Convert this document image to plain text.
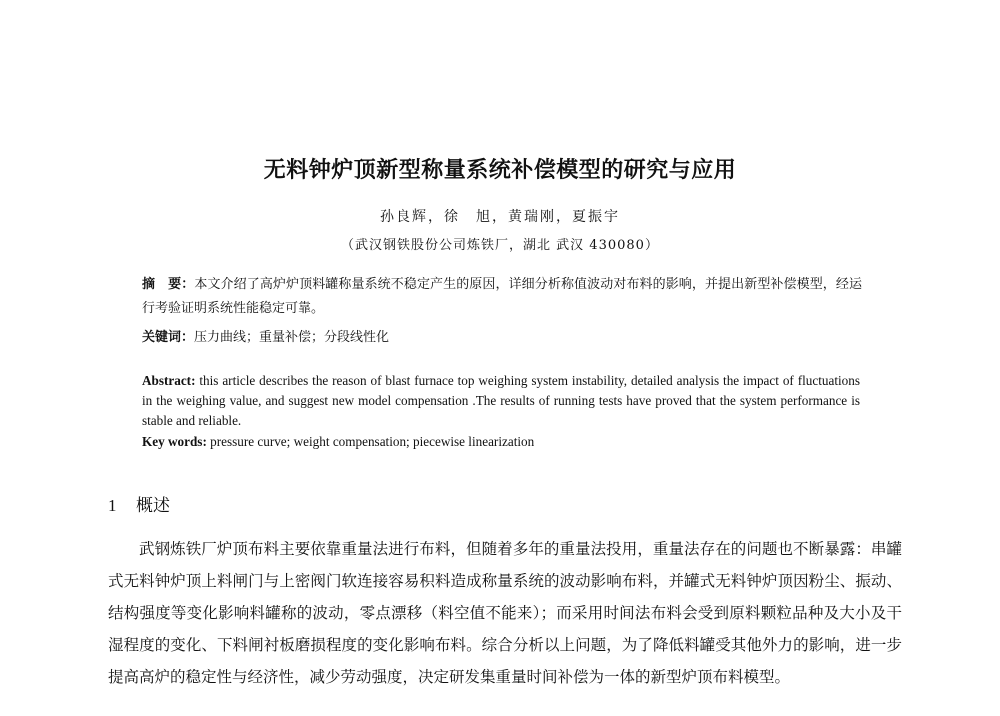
无料钟炉顶新型称量系统补偿模型的研究与应用
孙良辉，徐　旭，黄瑞刚，夏振宇
（武汉钢铁股份公司炼铁厂，湖北 武汉 430080）
摘　要：本文介绍了高炉炉顶料罐称量系统不稳定产生的原因，详细分析称值波动对布料的影响，并提出新型补偿模型，经运行考验证明系统性能稳定可靠。
关键词：压力曲线；重量补偿；分段线性化
Abstract: this article describes the reason of blast furnace top weighing system instability, detailed analysis the impact of fluctuations in the weighing value, and suggest new model compensation .The results of running tests have proved that the system performance is stable and reliable.
Key words: pressure curve; weight compensation; piecewise linearization
1 概述
武钢炼铁厂炉顶布料主要依靠重量法进行布料，但随着多年的重量法投用，重量法存在的问题也不断暴露：串罐式无料钟炉顶上料闸门与上密阀门软连接容易积料造成称量系统的波动影响布料，并罐式无料钟炉顶因粉尘、振动、结构强度等变化影响料罐称的波动，零点漂移（料空值不能来）；而采用时间法布料会受到原料颗粒品种及大小及干湿程度的变化、下料闸衬板磨损程度的变化影响布料。综合分析以上问题，为了降低料罐受其他外力的影响，进一步提高高炉的稳定性与经济性，减少劳动强度，决定研发集重量时间补偿为一体的新型炉顶布料模型。
